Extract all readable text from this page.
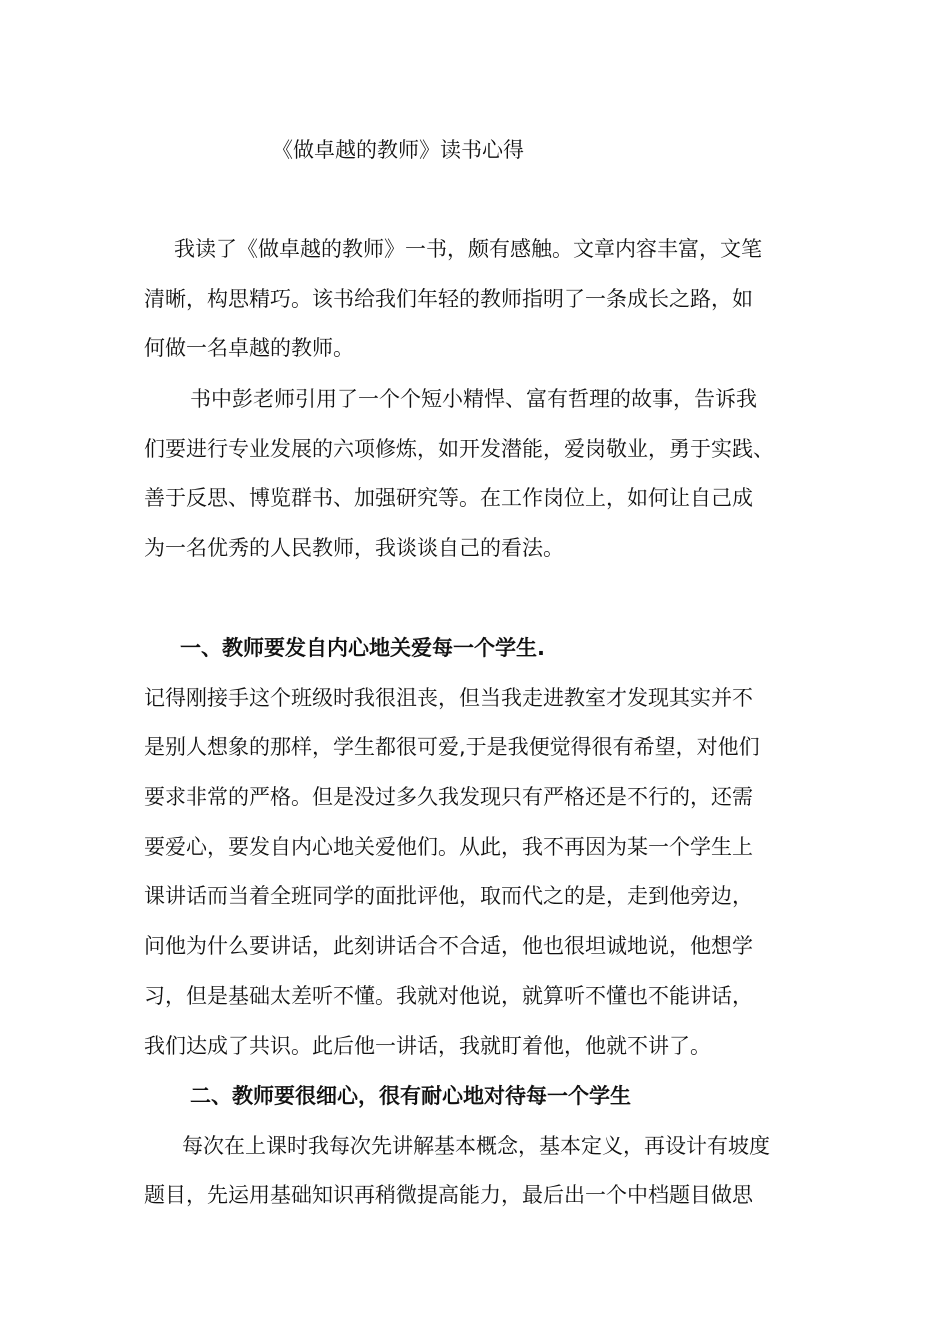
《做卓越的教师》读书心得
我读了《做卓越的教师》一书，颇有感触。文章内容丰富，文笔
清晰，构思精巧。该书给我们年轻的教师指明了一条成长之路，如
何做一名卓越的教师。
书中彭老师引用了一个个短小精悍、富有哲理的故事，告诉我
们要进行专业发展的六项修炼，如开发潜能，爱岗敬业，勇于实践、
善于反思、博览群书、加强研究等。在工作岗位上，如何让自己成
为一名优秀的人民教师，我谈谈自己的看法。
一、教师要发自内心地关爱每一个学生.
记得刚接手这个班级时我很沮丧，但当我走进教室才发现其实并不
是别人想象的那样，学生都很可爱,于是我便觉得很有希望，对他们
要求非常的严格。但是没过多久我发现只有严格还是不行的，还需
要爱心，要发自内心地关爱他们。从此，我不再因为某一个学生上
课讲话而当着全班同学的面批评他，取而代之的是，走到他旁边，
问他为什么要讲话，此刻讲话合不合适，他也很坦诚地说，他想学
习，但是基础太差听不懂。我就对他说，就算听不懂也不能讲话，
我们达成了共识。此后他一讲话，我就盯着他，他就不讲了。
二、教师要很细心，很有耐心地对待每一个学生
每次在上课时我每次先讲解基本概念，基本定义，再设计有坡度
题目，先运用基础知识再稍微提高能力，最后出一个中档题目做思
